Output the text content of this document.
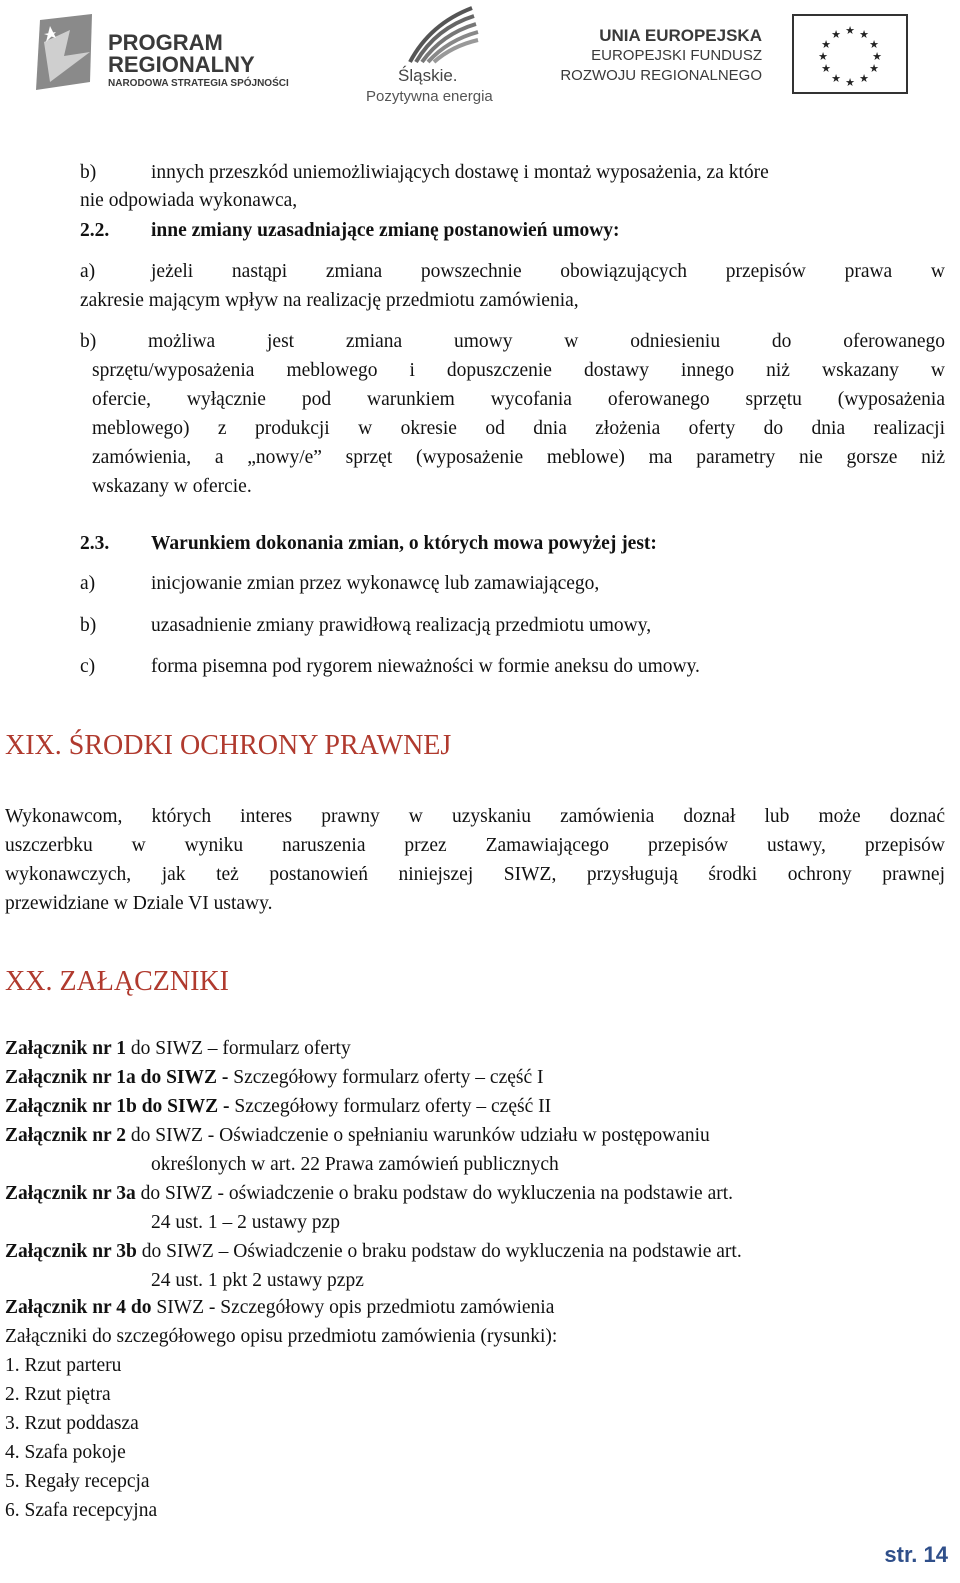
PROGRAM
REGIONALNY
NARODOWA STRATEGIA SPÓJNOŚCI	Śląskie.
Pozytywna energia
UNIA EUROPEJSKA
EUROPEJSKI FUNDUSZ
ROZWOJU REGIONALNEGO
★ ★
★
★
★
★
★
★
★
★
★
★
b)	innych przeszkód uniemożliwiających dostawę i montaż wyposażenia, za które
nie odpowiada wykonawca,
2.2. inne zmiany uzasadniające zmianę postanowień umowy:
a)	jeżeli nastąpi zmiana powszechnie obowiązujących przepisów prawa w
zakresie mającym wpływ na realizację przedmiotu zamówienia,
b) możliwa jest zmiana umowy w odniesieniu do oferowanego
sprzętu/wyposażenia meblowego i dopuszczenie dostawy innego niż wskazany w
ofercie, wyłącznie pod warunkiem wycofania oferowanego sprzętu (wyposażenia
meblowego) z produkcji w okresie od dnia złożenia oferty do dnia realizacji
zamówienia, a „nowy/e” sprzęt (wyposażenie meblowe) ma parametry nie gorsze niż
wskazany w ofercie.
2.3. Warunkiem dokonania zmian, o których mowa powyżej jest:
a)	inicjowanie zmian przez wykonawcę lub zamawiającego,
b)	uzasadnienie zmiany prawidłową realizacją przedmiotu umowy,
c)	forma pisemna pod rygorem nieważności w formie aneksu do umowy.
XIX. ŚRODKI OCHRONY PRAWNEJ
Wykonawcom, których interes prawny w uzyskaniu zamówienia doznał lub może doznać
uszczerbku w wyniku naruszenia przez Zamawiającego przepisów ustawy, przepisów
wykonawczych, jak też postanowień niniejszej SIWZ, przysługują środki ochrony prawnej
przewidziane w Dziale VI ustawy.
XX. ZAŁĄCZNIKI
Załącznik nr 1 do SIWZ – formularz oferty
Załącznik nr 1a do SIWZ - Szczegółowy formularz oferty – część I
Załącznik nr 1b do SIWZ - Szczegółowy formularz oferty – część II
Załącznik nr 2 do SIWZ - Oświadczenie o spełnianiu warunków udziału w postępowaniu
określonych w art. 22 Prawa zamówień publicznych
Załącznik nr 3a do SIWZ - oświadczenie o braku podstaw do wykluczenia na podstawie art.
24 ust. 1 – 2 ustawy pzp
Załącznik nr 3b do SIWZ – Oświadczenie o braku podstaw do wykluczenia na podstawie art.
24 ust. 1 pkt 2 ustawy pzpz
Załącznik nr 4 do SIWZ - Szczegółowy opis przedmiotu zamówienia
Załączniki do szczegółowego opisu przedmiotu zamówienia (rysunki):
1. Rzut parteru
2. Rzut piętra
3. Rzut poddasza
4. Szafa pokoje
5. Regały recepcja
6. Szafa recepcyjna
str. 14
